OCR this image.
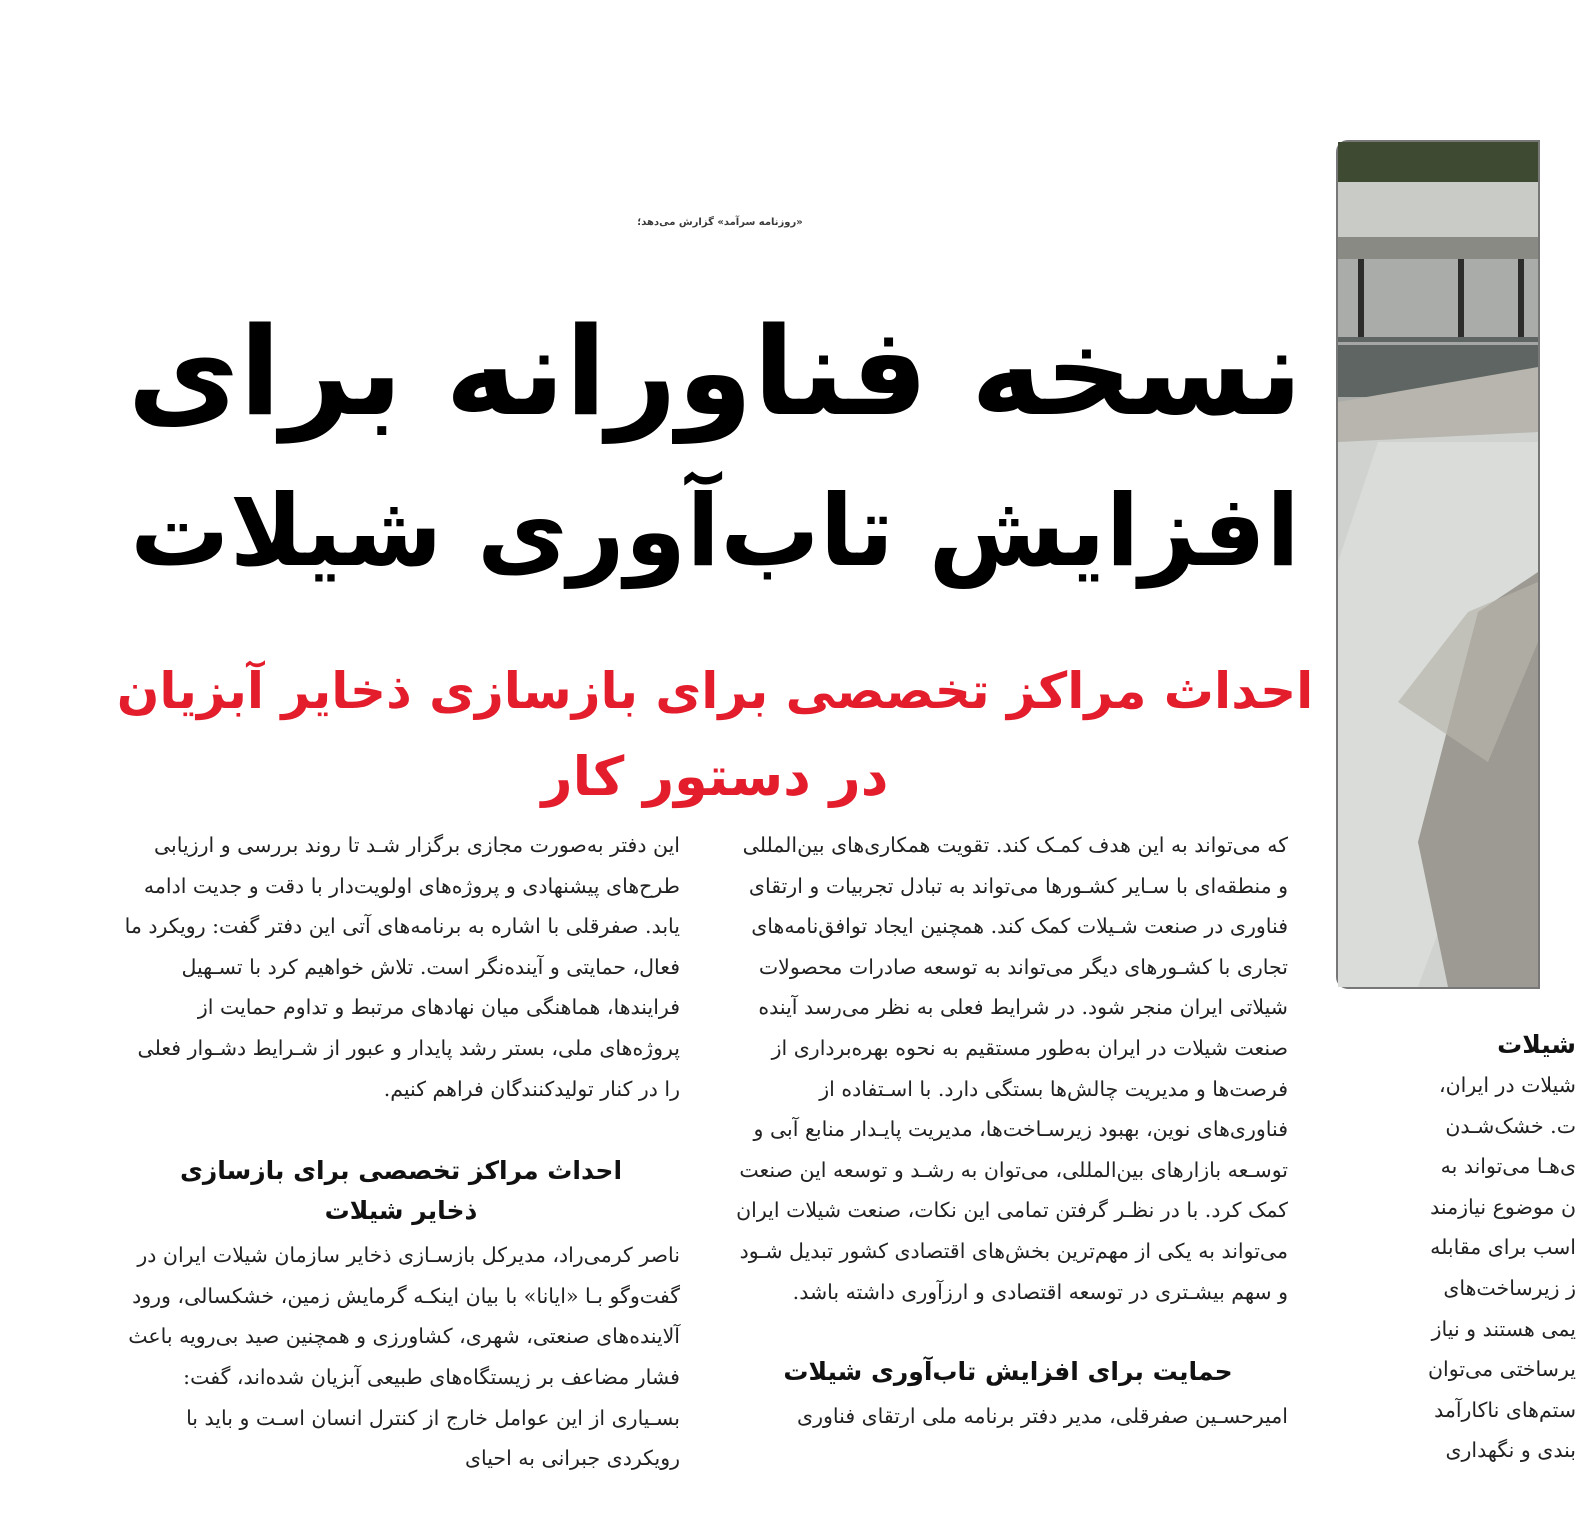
«روزنامه‌ سرآمد» گزارش می‌دهد؛
نسخه فناورانه برای
افزایش تاب‌آوری شیلات
احداث مراکز تخصصی برای بازسازی ذخایر آبزیان
در دستور کار

این دفتر به‌صورت مجازی برگزار شـد تا روند بررسی و ارزیابی طرح‌های پیشنهادی و پروژه‌های اولویت‌دار با دقت و جدیت ادامه یابد. صفرقلی با اشاره به برنامه‌های آتی این دفتر گفت: رویکرد ما فعال، حمایتی و آینده‌نگر است. تلاش خواهیم کرد با تسـهیل فرایندها، هماهنگی میان نهادهای مرتبط و تداوم حمایت از پروژه‌های ملی، بستر رشد پایدار و عبور از شـرایط دشـوار فعلی را در کنار تولیدکنندگان فراهم کنیم.

احداث مراکز تخصصی برای بازسازی
ذخایر شیلات

ناصر کرمی‌راد، مدیرکل بازسـازی ذخایر سازمان شیلات ایران در گفت‌وگو بـا «ایانا» با بیان اینکـه گرمایش زمین، خشکسالی، ورود آلاینده‌های صنعتی، شهری، کشاورزی و همچنین صید بی‌رویه باعث فشار مضاعف بر زیستگاه‌های طبیعی آبزیان شده‌اند، گفت: بسـیاری از این عوامل خارج از کنترل انسان اسـت و باید با رویکردی جبرانی به احیای

که می‌تواند به این هدف کمـک کند. تقویت همکاری‌های بین‌المللی و منطقه‌ای با سـایر کشـورها می‌تواند به تبادل تجربیات و ارتقای فناوری در صنعت شـیلات کمک کند. همچنین ایجاد توافق‌نامه‌های تجاری با کشـورهای دیگر می‌تواند به توسعه صادرات محصولات شیلاتی ایران منجر شود. در شرایط فعلی به نظر می‌رسد آینده صنعت شیلات در ایران به‌طور مستقیم به نحوه بهره‌برداری از فرصت‌ها و مدیریت چالش‌ها بستگی دارد. با اسـتفاده از فناوری‌های نوین، بهبود زیرسـاخت‌ها، مدیریت پایـدار منابع آبی و توسـعه بازارهای بین‌المللی، می‌توان به رشـد و توسعه این صنعت کمک کرد. با در نظـر گرفتن تمامی این نکات، صنعت شیلات ایران می‌تواند به یکی از مهم‌ترین بخش‌های اقتصادی کشور تبدیل شـود و سهم بیشـتری در توسعه اقتصادی و ارزآوری داشته باشد.

حمایت برای افزایش تاب‌آوری شیلات

امیرحسـین صفرقلی، مدیر دفتر برنامه ملی ارتقای فناوری

شیلات
شیلات در ایران،
ت. خشک‌شـدن
ی‌هـا می‌تواند به
ن موضوع نیازمند
اسب برای مقابله
ز زیرساخت‌های
یمی هستند و نیاز
یرساختی می‌توان
ستم‌های ناکارآمد
بندی و نگهداری
